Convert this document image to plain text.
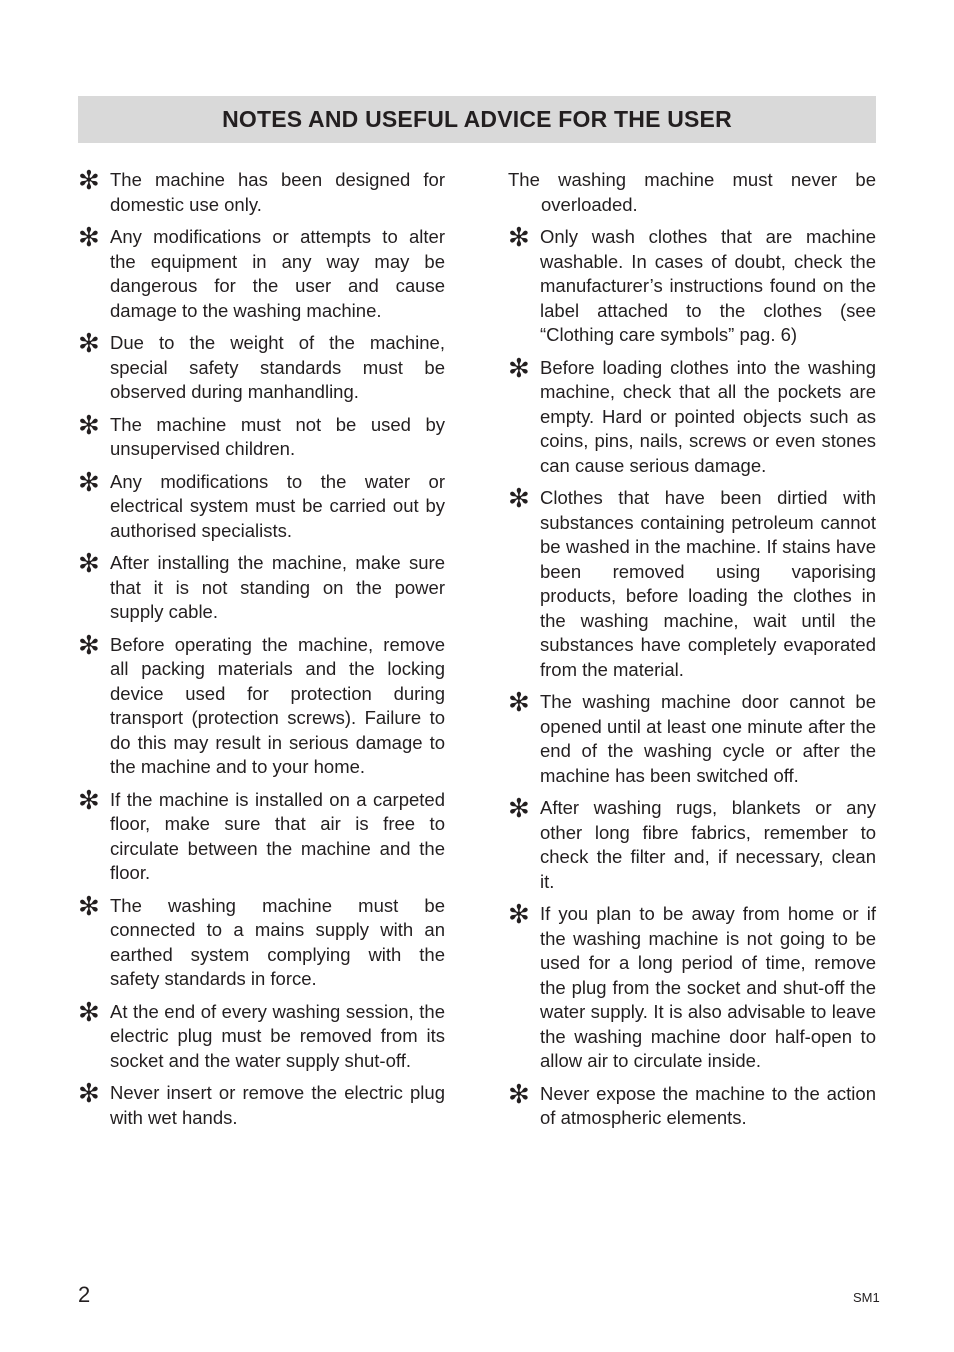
NOTES AND USEFUL ADVICE FOR THE USER
✻ The machine has been designed for domestic use only.
✻ Any modifications or attempts to alter the equipment in any way may be dangerous for the user and cause damage to the washing machine.
✻ Due to the weight of the machine, special safety standards must be observed during manhandling.
✻ The machine must not be used by unsupervised children.
✻ Any modifications to the water or electrical system must be carried out by authorised specialists.
✻ After installing the machine, make sure that it is not standing on the power supply cable.
✻ Before operating the machine, remove all packing materials and the locking device used for protection during transport (protection screws). Failure to do this may result in serious damage to the machine and to your home.
✻ If the machine is installed on a carpeted floor, make sure that air is free to circulate between the machine and the floor.
✻ The washing machine must be connected to a mains supply with an earthed system complying with the safety standards in force.
✻ At the end of every washing session, the electric plug must be removed from its socket and the water supply shut-off.
✻ Never insert or remove the electric plug with wet hands.
The washing machine must never be overloaded.
✻ Only wash clothes that are machine washable. In cases of doubt, check the manufacturer’s instructions found on the label attached to the clothes (see “Clothing care symbols” pag. 6)
✻ Before loading clothes into the washing machine, check that all the pockets are empty. Hard or pointed objects such as coins, pins, nails, screws or even stones can cause serious damage.
✻ Clothes that have been dirtied with substances containing petroleum cannot be washed in the machine. If stains have been removed using vaporising products, before loading the clothes in the washing machine, wait until the substances have completely evaporated from the material.
✻ The washing machine door cannot be opened until at least one minute after the end of the washing cycle or after the machine has been switched off.
✻ After washing rugs, blankets or any other long fibre fabrics, remember to check the filter and, if necessary, clean it.
✻ If you plan to be away from home or if the washing machine is not going to be used for a long period of time, remove the plug from the socket and shut-off the water supply. It is also advisable to leave the washing machine door half-open to allow air to circulate inside.
✻ Never expose the machine to the action of atmospheric elements.
2	SM1
